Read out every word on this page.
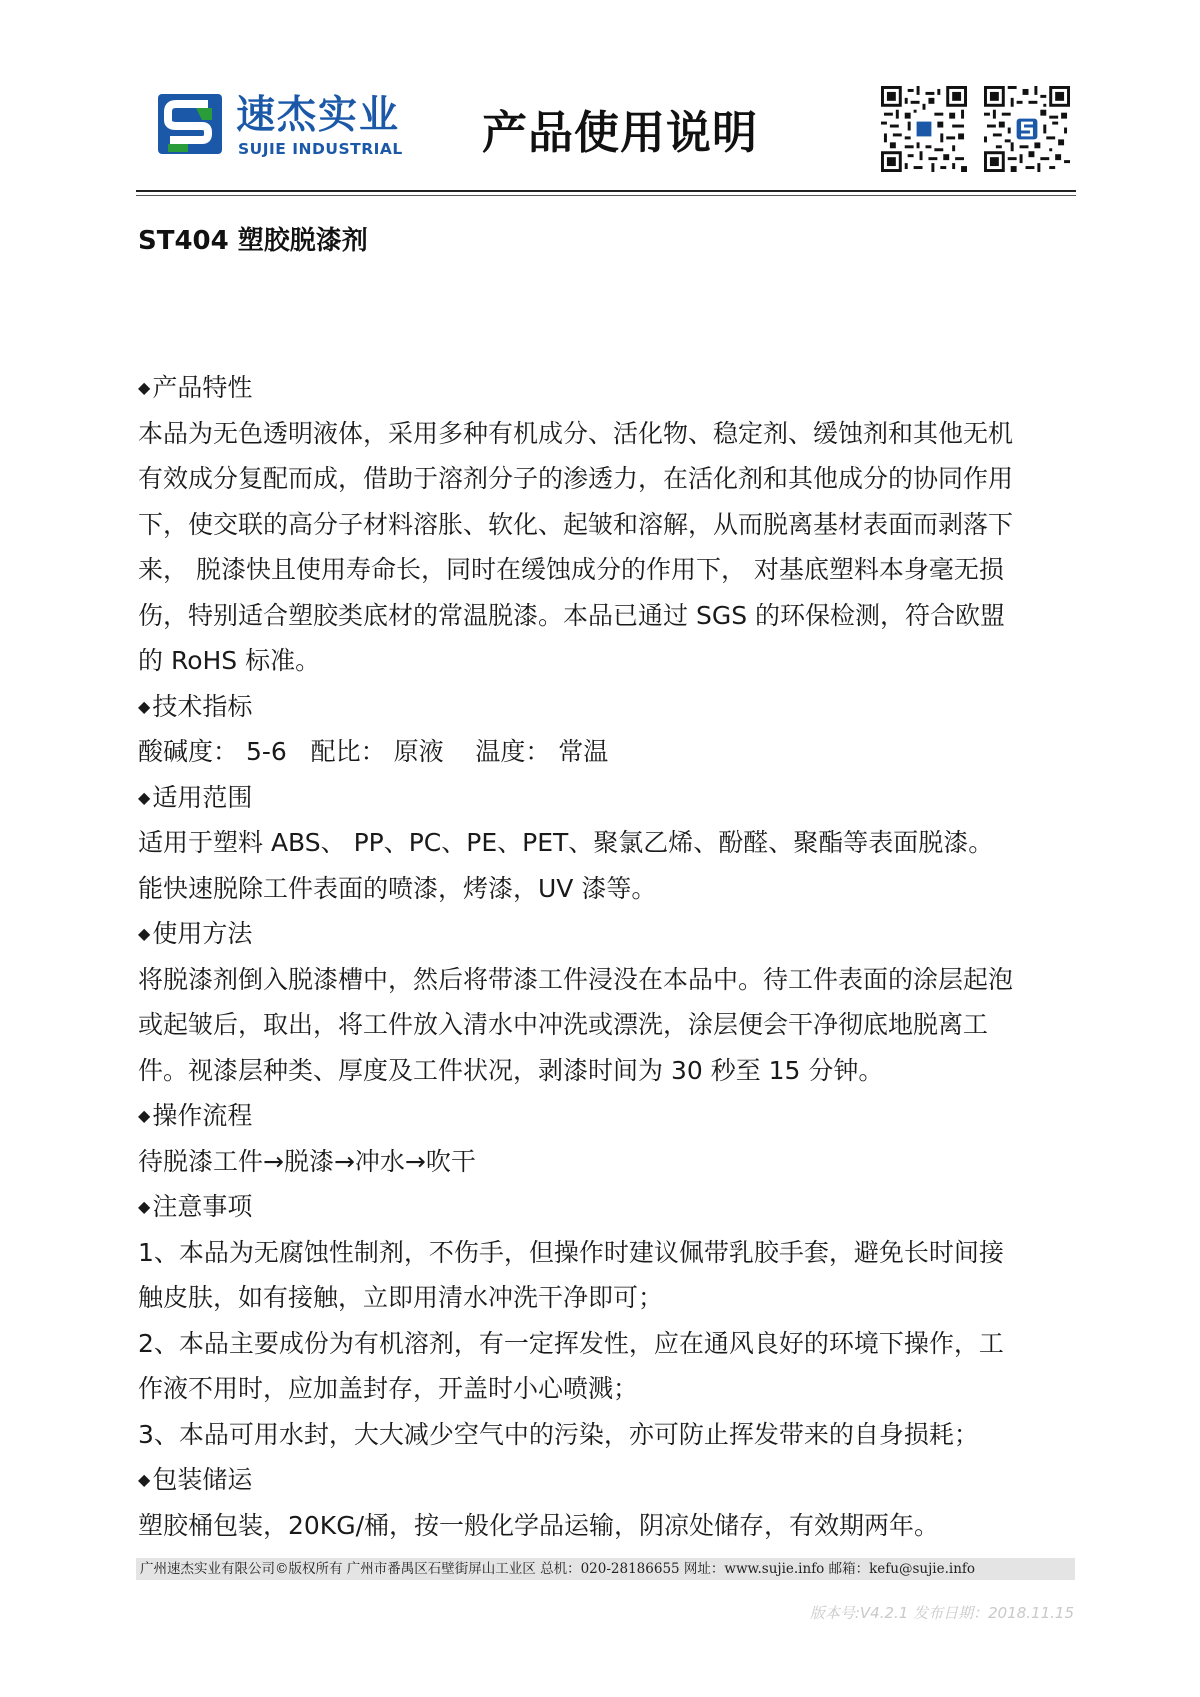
速杰实业
SUJIE INDUSTRIAL 产品使用说明
ST404 塑胶脱漆剂

◆产品特性

本品为无色透明液体，采用多种有机成分、活化物、稳定剂、缓蚀剂和其他无机

有效成分复配而成，借助于溶剂分子的渗透力，在活化剂和其他成分的协同作用

下，使交联的高分子材料溶胀、软化、起皱和溶解，从而脱离基材表面而剥落下

来， 脱漆快且使用寿命长，同时在缓蚀成分的作用下， 对基底塑料本身毫无损

伤，特别适合塑胶类底材的常温脱漆。本品已通过 SGS 的环保检测，符合欧盟

的 RoHS 标准。

◆技术指标

酸碱度： 5-6   配比： 原液    温度： 常温

◆适用范围

适用于塑料 ABS、 PP、PC、PE、PET、聚氯乙烯、酚醛、聚酯等表面脱漆。

能快速脱除工件表面的喷漆，烤漆，UV 漆等。

◆使用方法

将脱漆剂倒入脱漆槽中，然后将带漆工件浸没在本品中。待工件表面的涂层起泡

或起皱后，取出，将工件放入清水中冲洗或漂洗，涂层便会干净彻底地脱离工

件。视漆层种类、厚度及工件状况，剥漆时间为 30 秒至 15 分钟。

◆操作流程

待脱漆工件→脱漆→冲水→吹干

◆注意事项

1、本品为无腐蚀性制剂，不伤手，但操作时建议佩带乳胶手套，避免长时间接

触皮肤，如有接触，立即用清水冲洗干净即可；

2、本品主要成份为有机溶剂，有一定挥发性，应在通风良好的环境下操作，工

作液不用时，应加盖封存，开盖时小心喷溅；

3、本品可用水封，大大减少空气中的污染，亦可防止挥发带来的自身损耗；

◆包装储运

塑胶桶包装，20KG/桶，按一般化学品运输，阴凉处储存，有效期两年。

广州速杰实业有限公司©版权所有 广州市番禺区石壁街屏山工业区 总机：020-28186655 网址：www.sujie.info 邮箱：kefu@sujie.info
版本号:V4.2.1 发布日期：2018.11.15
